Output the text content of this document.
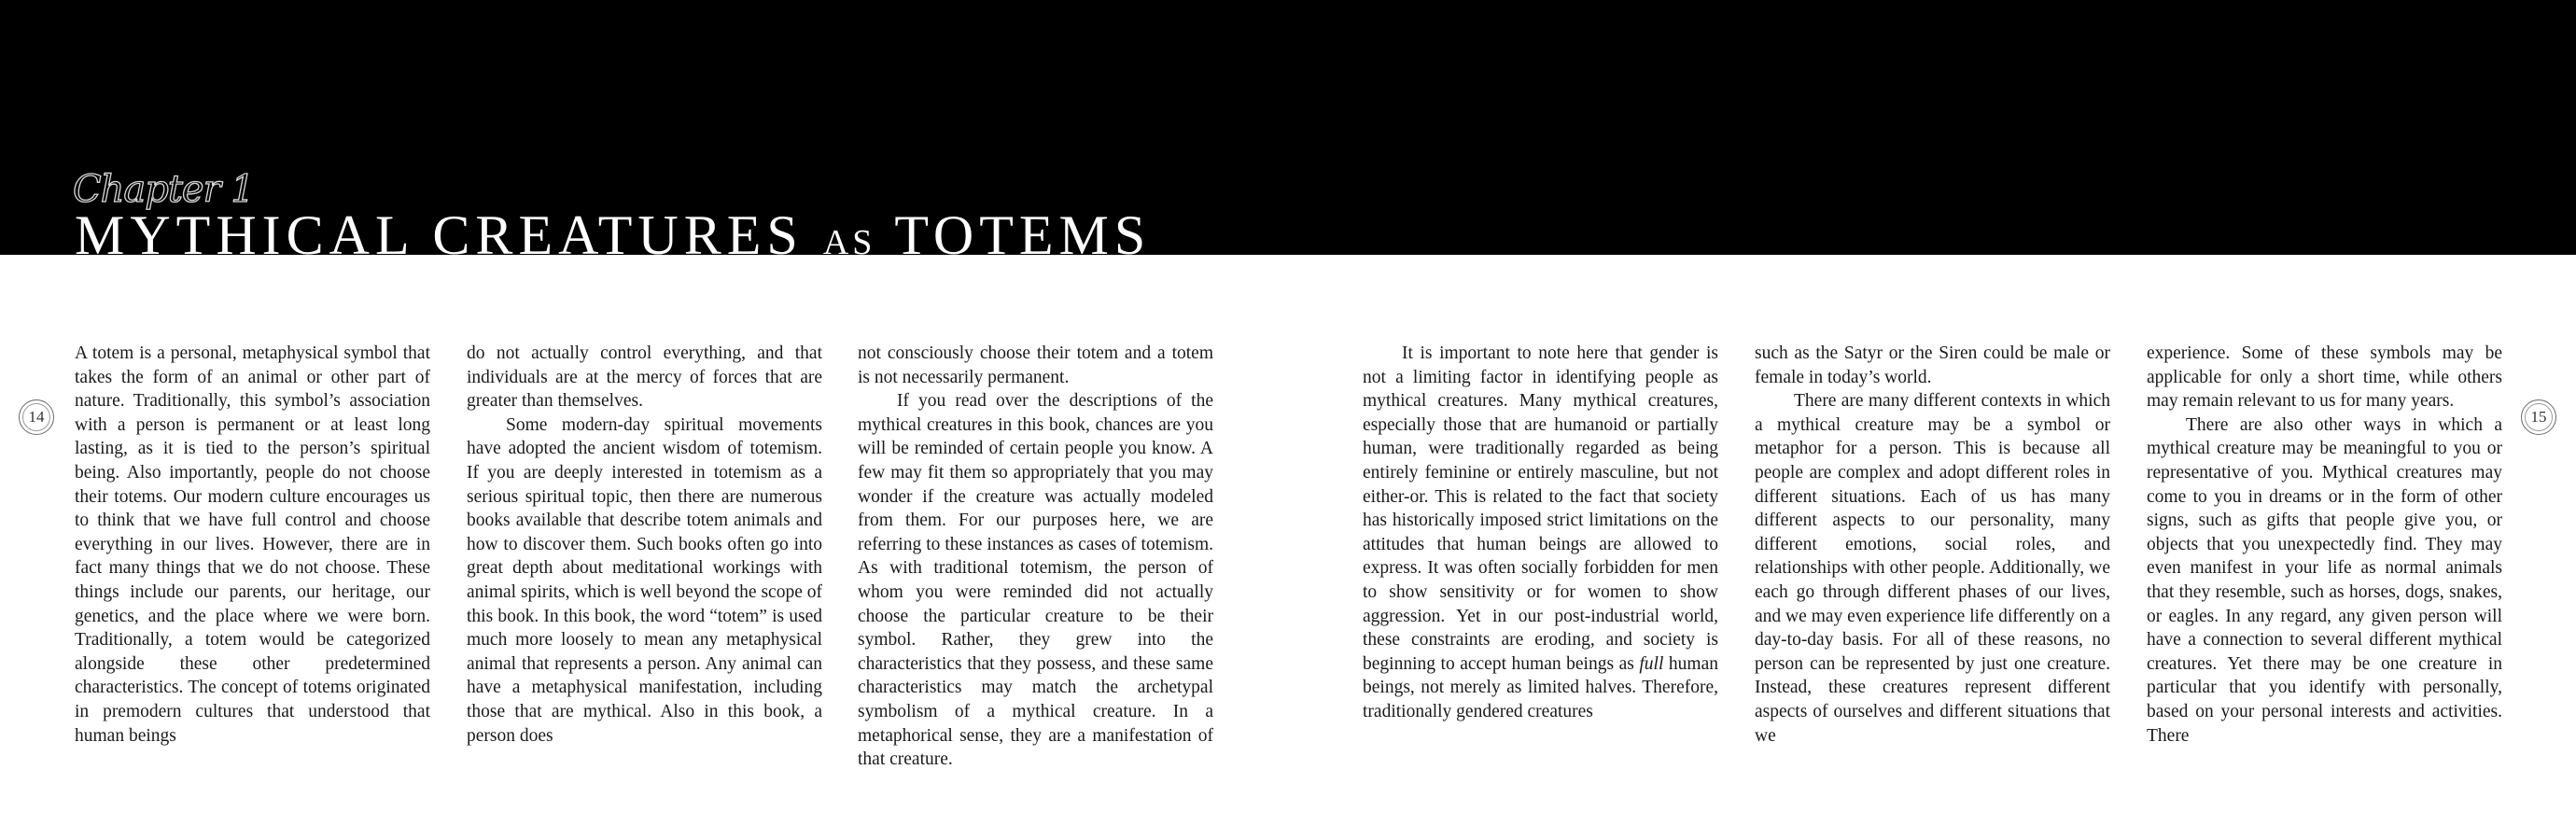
Chapter 1
MYTHICAL CREATURES AS TOTEMS
14	15

A totem is a personal, metaphysical symbol that takes the form of an animal or other part of nature. Traditionally, this symbol’s association with a person is permanent or at least long lasting, as it is tied to the person’s spiritual being. Also importantly, people do not choose their totems. Our modern culture encourages us to think that we have full control and choose everything in our lives. However, there are in fact many things that we do not choose. These things include our parents, our heritage, our genetics, and the place where we were born. Traditionally, a totem would be categorized alongside these other predetermined characteristics. The concept of totems originated in premodern cultures that understood that human beings

do not actually control everything, and that individuals are at the mercy of forces that are greater than themselves.

Some modern-day spiritual movements have adopted the ancient wisdom of totemism. If you are deeply interested in totemism as a serious spiritual topic, then there are numerous books available that describe totem animals and how to discover them. Such books often go into great depth about meditational workings with animal spirits, which is well beyond the scope of this book. In this book, the word “totem” is used much more loosely to mean any metaphysical animal that represents a person. Any animal can have a metaphysical manifestation, including those that are mythical. Also in this book, a person does

not consciously choose their totem and a totem is not necessarily permanent.

If you read over the descriptions of the mythical creatures in this book, chances are you will be reminded of certain people you know. A few may fit them so appropriately that you may wonder if the creature was actually modeled from them. For our purposes here, we are referring to these instances as cases of totemism. As with traditional totemism, the person of whom you were reminded did not actually choose the particular creature to be their symbol. Rather, they grew into the characteristics that they possess, and these same characteristics may match the archetypal symbolism of a mythical creature. In a metaphorical sense, they are a manifestation of that creature.

It is important to note here that gender is not a limiting factor in identifying people as mythical creatures. Many mythical creatures, especially those that are humanoid or partially human, were traditionally regarded as being entirely feminine or entirely masculine, but not either-or. This is related to the fact that society has historically imposed strict limitations on the attitudes that human beings are allowed to express. It was often socially forbidden for men to show sensitivity or for women to show aggression. Yet in our post-industrial world, these constraints are eroding, and society is beginning to accept human beings as full human beings, not merely as limited halves. Therefore, traditionally gendered creatures

such as the Satyr or the Siren could be male or female in today’s world.

There are many different contexts in which a mythical creature may be a symbol or metaphor for a person. This is because all people are complex and adopt different roles in different situations. Each of us has many different aspects to our personality, many different emotions, social roles, and relationships with other people. Additionally, we each go through different phases of our lives, and we may even experience life differently on a day-to-day basis. For all of these reasons, no person can be represented by just one creature. Instead, these creatures represent different aspects of ourselves and different situations that we

experience. Some of these symbols may be applicable for only a short time, while others may remain relevant to us for many years.

There are also other ways in which a mythical creature may be meaningful to you or representative of you. Mythical creatures may come to you in dreams or in the form of other signs, such as gifts that people give you, or objects that you unexpectedly find. They may even manifest in your life as normal animals that they resemble, such as horses, dogs, snakes, or eagles. In any regard, any given person will have a connection to several different mythical creatures. Yet there may be one creature in particular that you identify with personally, based on your personal interests and activities. There
